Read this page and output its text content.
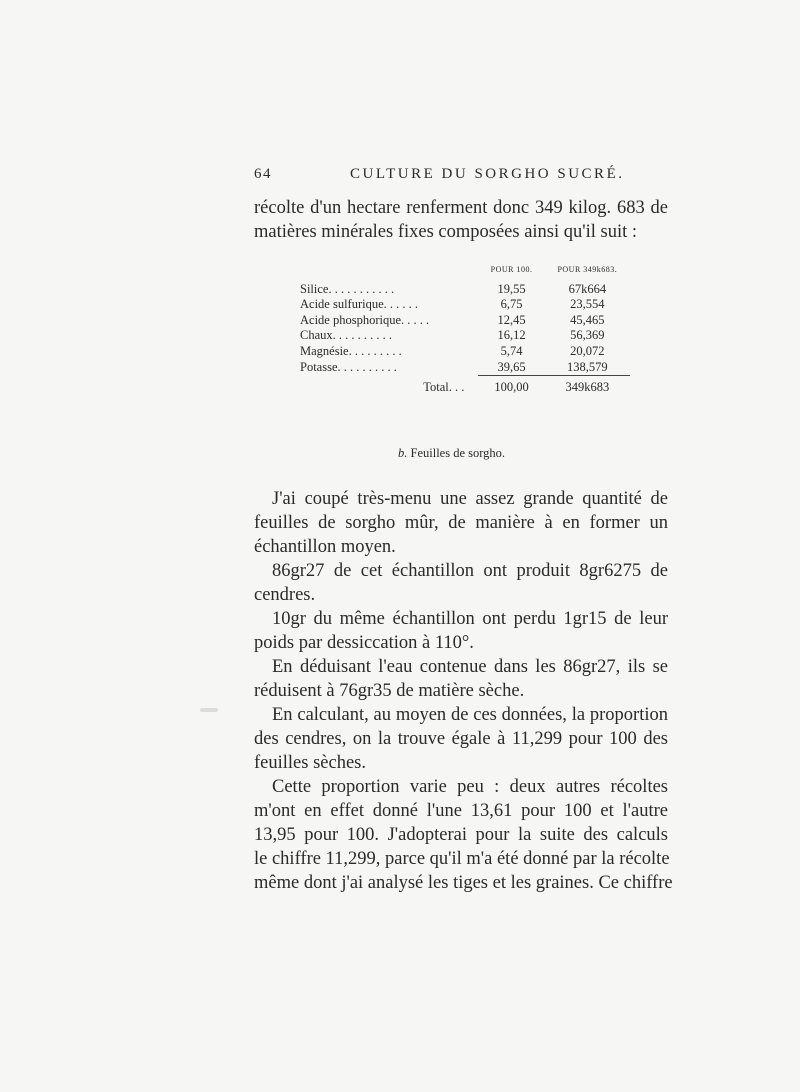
64	CULTURE DU SORGHO SUCRÉ.
récolte d'un hectare renferment donc 349 kilog. 683 de
matières minérales fixes composées ainsi qu'il suit :
	POUR 100.	POUR 349k683.
Silice. . . . . . . . . . .	19,55	67k664
Acide sulfurique. . . . . .	6,75	23,554
Acide phosphorique. . . . .	12,45	45,465
Chaux. . . . . . . . . .	16,12	56,369
Magnésie. . . . . . . . .	5,74	20,072
Potasse. . . . . . . . . .	39,65	138,579
Total. . .	100,00	349k683
b. Feuilles de sorgho.
J'ai coupé très-menu une assez grande quantité de
feuilles de sorgho mûr, de manière à en former un
échantillon moyen.
86gr27 de cet échantillon ont produit 8gr6275 de
cendres.
10gr du même échantillon ont perdu 1gr15 de leur
poids par dessiccation à 110°.
En déduisant l'eau contenue dans les 86gr27, ils se
réduisent à 76gr35 de matière sèche.
En calculant, au moyen de ces données, la proportion
des cendres, on la trouve égale à 11,299 pour 100 des
feuilles sèches.
Cette proportion varie peu : deux autres récoltes
m'ont en effet donné l'une 13,61 pour 100 et l'autre
13,95 pour 100. J'adopterai pour la suite des calculs
le chiffre 11,299, parce qu'il m'a été donné par la récolte
même dont j'ai analysé les tiges et les graines. Ce chiffre
